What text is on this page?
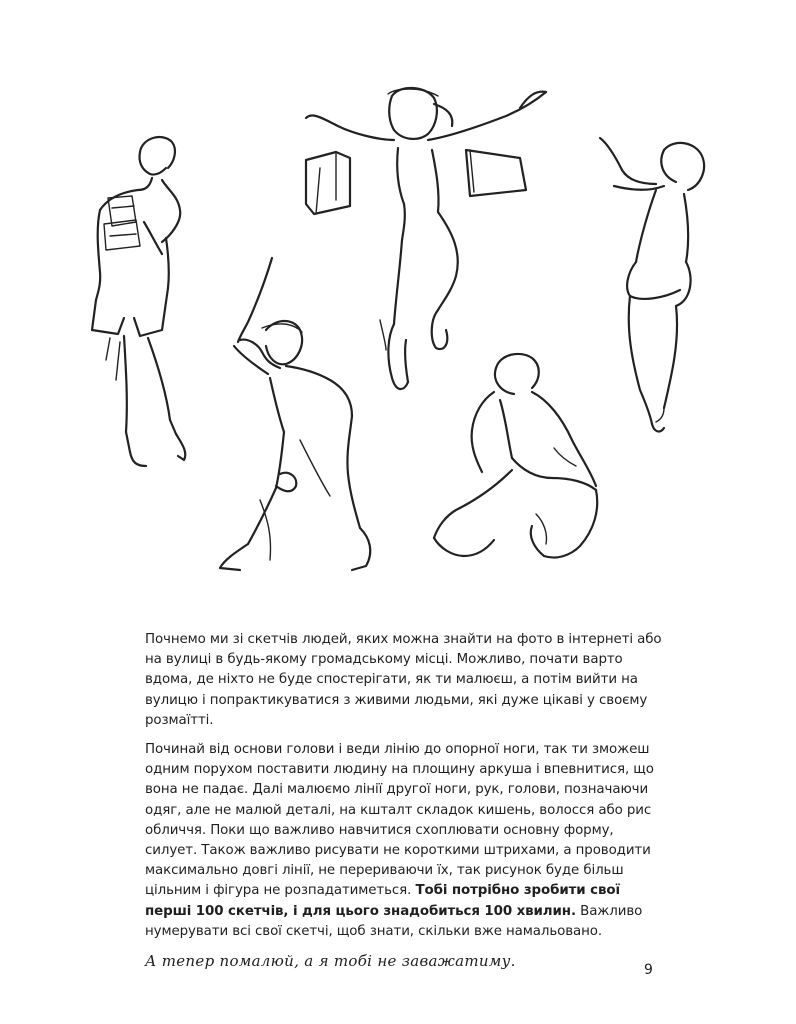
Почнемо ми зі скетчів людей, яких можна знайти на фото в інтернеті або на вулиці в будь-якому громадському місці. Можливо, почати варто вдома, де ніхто не буде спостерігати, як ти малюєш, а потім вийти на вулицю і попрактикуватися з живими людьми, які дуже цікаві у своєму розмаїтті.

Починай від основи голови і веди лінію до опорної ноги, так ти зможеш одним порухом поставити людину на площину аркуша і впевнитися, що вона не падає. Далі малюємо лінії другої ноги, рук, голови, позначаючи одяг, але не малюй деталі, на кшталт складок кишень, волосся або рис обличчя. Поки що важливо навчитися схоплювати основну форму, силует. Також важливо рисувати не короткими штрихами, а проводити максимально довгі лінії, не перериваючи їх, так рисунок буде більш цільним і фігура не розпадатиметься. Тобі потрібно зробити свої перші 100 скетчів, і для цього знадобиться 100 хвилин. Важливо нумерувати всі свої скетчі, щоб знати, скільки вже намальовано.

А тепер помалюй, а я тобі не заважатиму.	9
